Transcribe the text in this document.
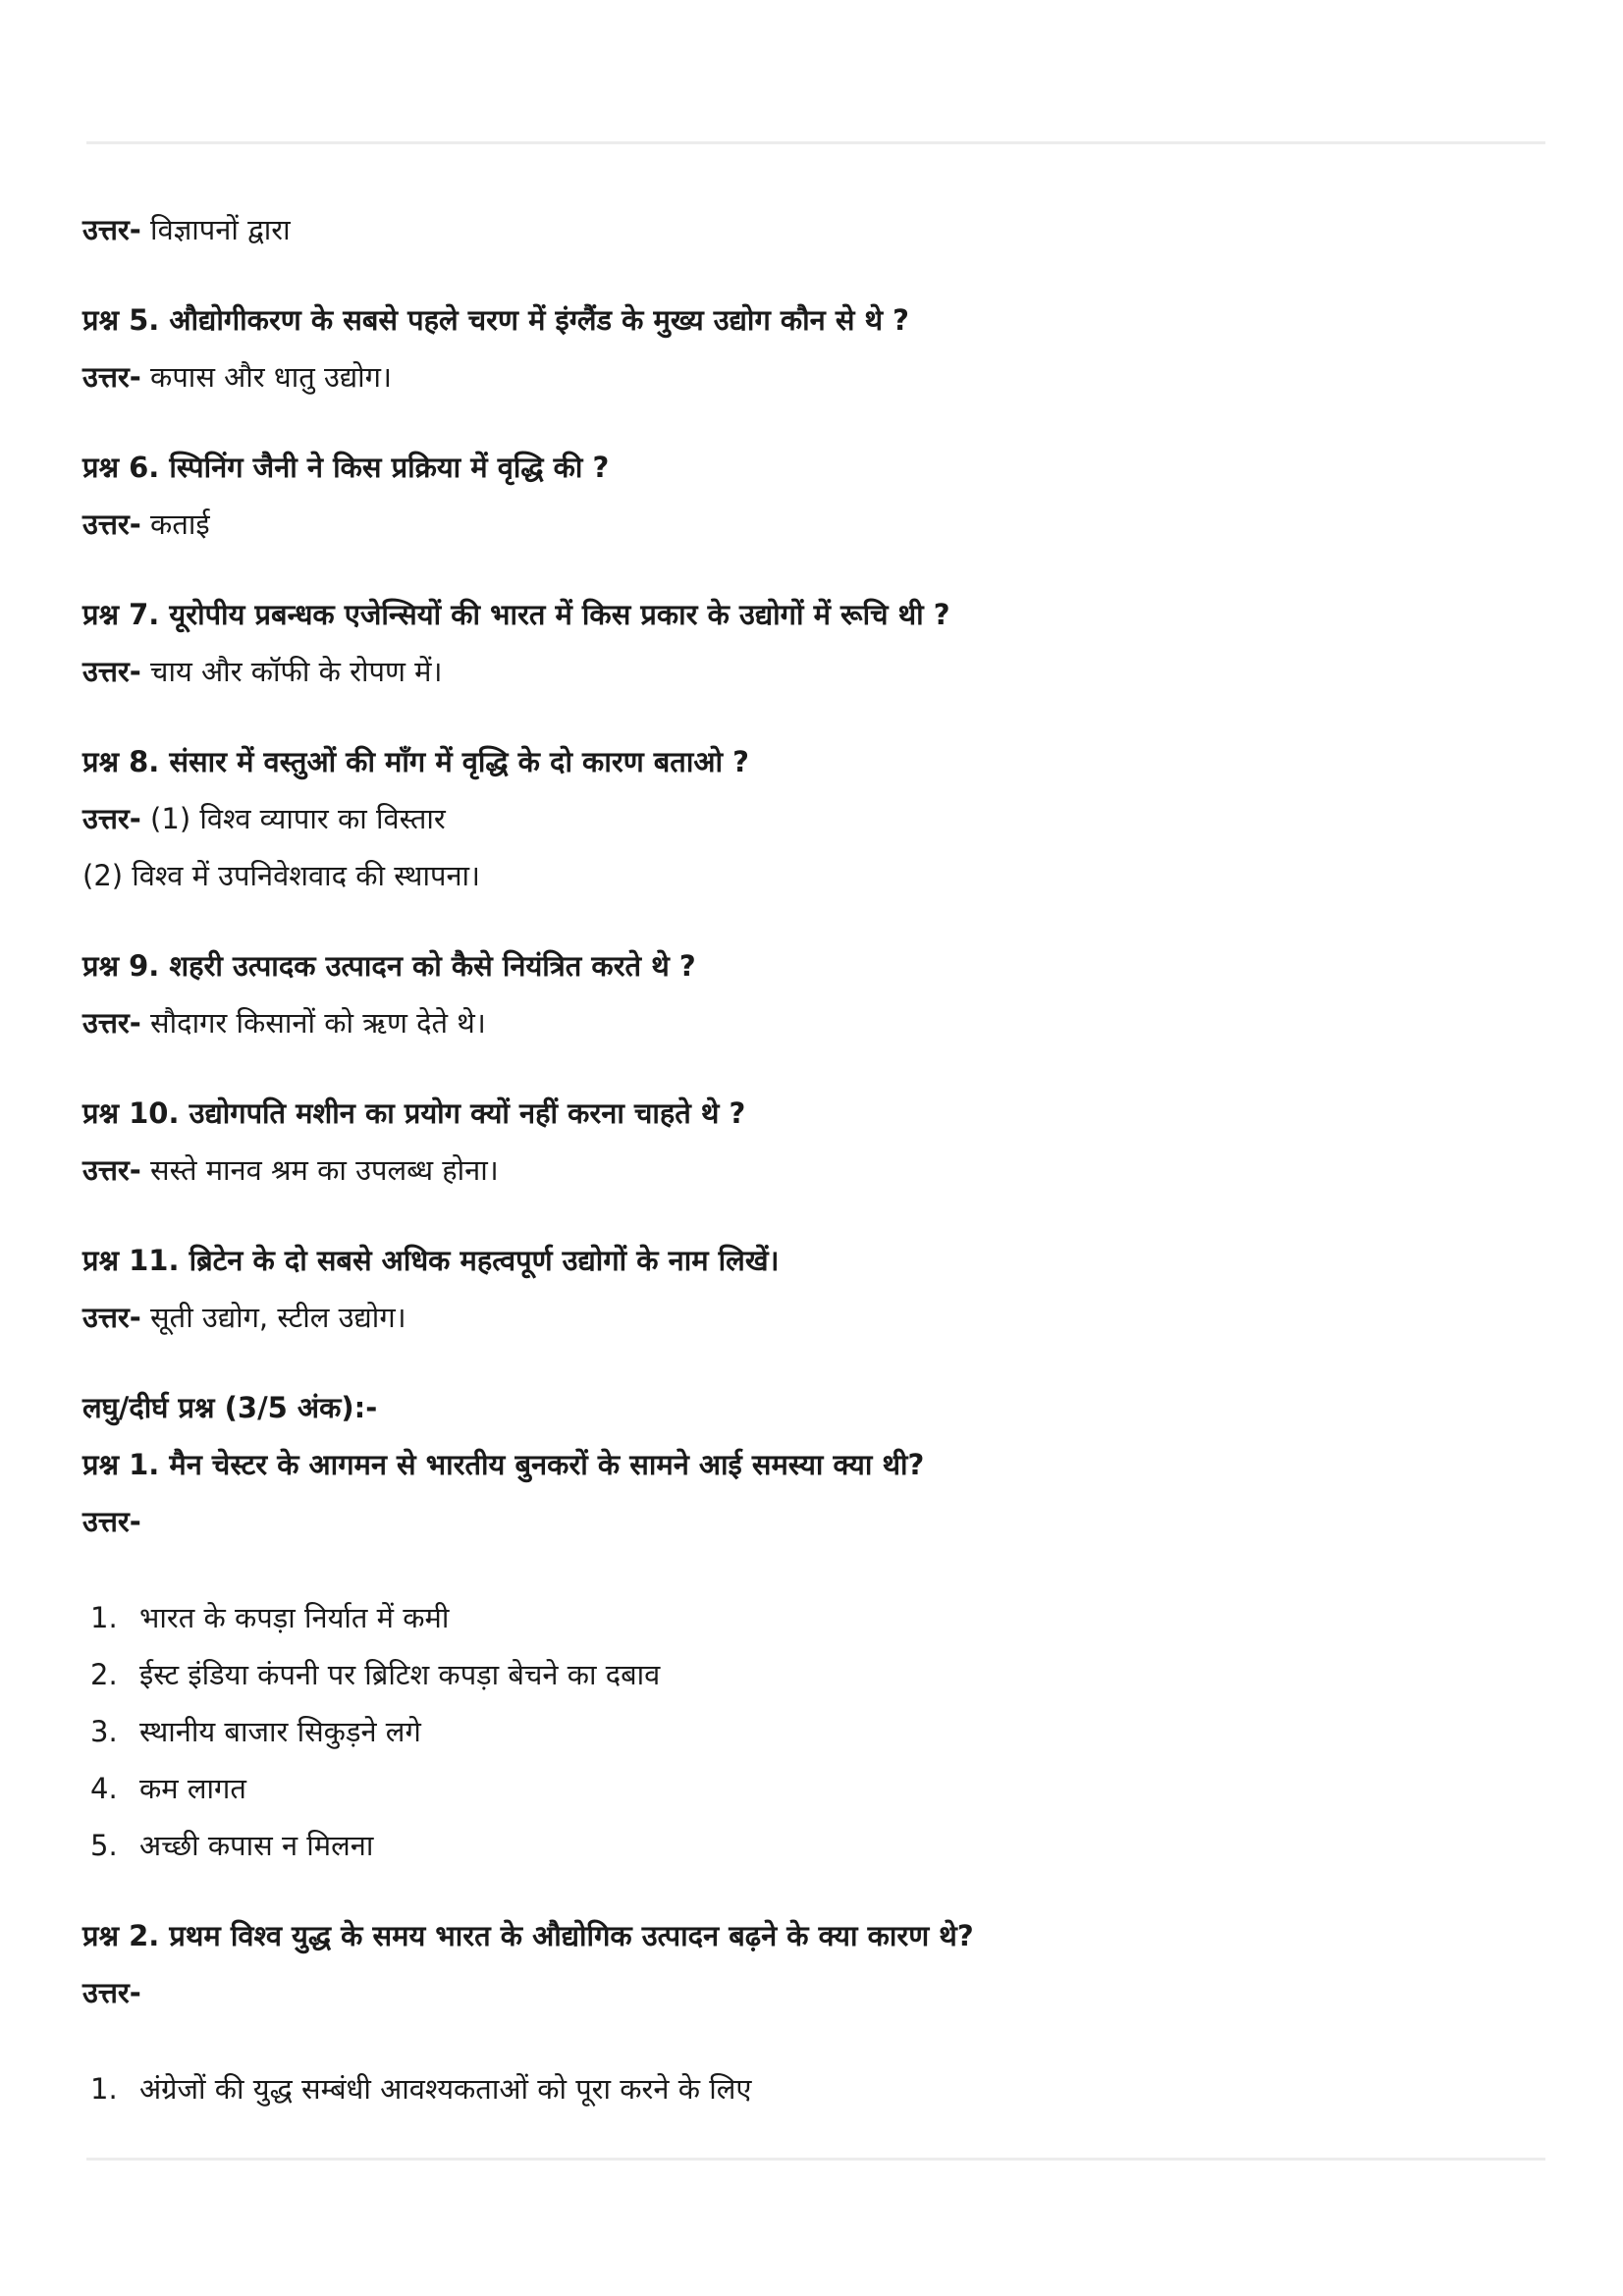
उत्तर- विज्ञापनों द्वारा
प्रश्न 5. औद्योगीकरण के सबसे पहले चरण में इंग्लैंड के मुख्य उद्योग कौन से थे ?
उत्तर- कपास और धातु उद्योग।
प्रश्न 6. स्पिनिंग जैनी ने किस प्रक्रिया में वृद्धि की ?
उत्तर- कताई
प्रश्न 7. यूरोपीय प्रबन्धक एजेन्सियों की भारत में किस प्रकार के उद्योगों में रूचि थी ?
उत्तर- चाय और कॉफी के रोपण में।
प्रश्न 8. संसार में वस्तुओं की माँग में वृद्धि के दो कारण बताओ ?
उत्तर- (1) विश्व व्यापार का विस्तार
(2) विश्व में उपनिवेशवाद की स्थापना।
प्रश्न 9. शहरी उत्पादक उत्पादन को कैसे नियंत्रित करते थे ?
उत्तर- सौदागर किसानों को ऋण देते थे।
प्रश्न 10. उद्योगपति मशीन का प्रयोग क्यों नहीं करना चाहते थे ?
उत्तर- सस्ते मानव श्रम का उपलब्ध होना।
प्रश्न 11. ब्रिटेन के दो सबसे अधिक महत्वपूर्ण उद्योगों के नाम लिखें।
उत्तर- सूती उद्योग, स्टील उद्योग।
लघु/दीर्घ प्रश्न (3/5 अंक):-
प्रश्न 1. मैन चेस्टर के आगमन से भारतीय बुनकरों के सामने आई समस्या क्या थी?
उत्तर-
1. भारत के कपड़ा निर्यात में कमी
2. ईस्ट इंडिया कंपनी पर ब्रिटिश कपड़ा बेचने का दबाव
3. स्थानीय बाजार सिकुड़ने लगे
4. कम लागत
5. अच्छी कपास न मिलना
प्रश्न 2. प्रथम विश्व युद्ध के समय भारत के औद्योगिक उत्पादन बढ़ने के क्या कारण थे?
उत्तर-
1. अंग्रेजों की युद्ध सम्बंधी आवश्यकताओं को पूरा करने के लिए
